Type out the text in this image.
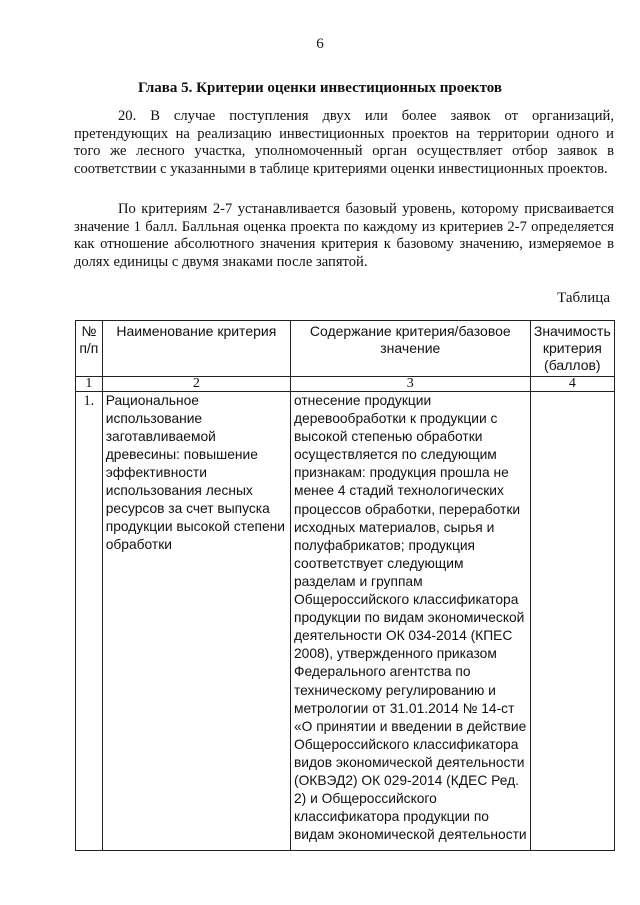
6
Глава 5. Критерии оценки инвестиционных проектов
20. В случае поступления двух или более заявок от организаций, претендующих на реализацию инвестиционных проектов на территории одного и того же лесного участка, уполномоченный орган осуществляет отбор заявок в соответствии с указанными в таблице критериями оценки инвестиционных проектов.
По критериям 2-7 устанавливается базовый уровень, которому присваивается значение 1 балл. Балльная оценка проекта по каждому из критериев 2-7 определяется как отношение абсолютного значения критерия к базовому значению, измеряемое в долях единицы с двумя знаками после запятой.
Таблица
№ п/п	Наименование критерия	Содержание критерия/базовое значение	Значимость критерия (баллов)
1	2	3	4
1.	Рациональное использование заготавливаемой древесины: повышение эффективности использования лесных ресурсов за счет выпуска продукции высокой степени обработки	отнесение продукции деревообработки к продукции с высокой степенью обработки осуществляется по следующим признакам: продукция прошла не менее 4 стадий технологических процессов обработки, переработки исходных материалов, сырья и полуфабрикатов; продукция соответствует следующим разделам и группам Общероссийского классификатора продукции по видам экономической деятельности ОК 034-2014 (КПЕС 2008), утвержденного приказом Федерального агентства по техническому регулированию и метрологии от 31.01.2014 № 14-ст «О принятии и введении в действие Общероссийского классификатора видов экономической деятельности (ОКВЭД2) ОК 029-2014 (КДЕС Ред. 2) и Общероссийского классификатора продукции по видам экономической деятельности	
